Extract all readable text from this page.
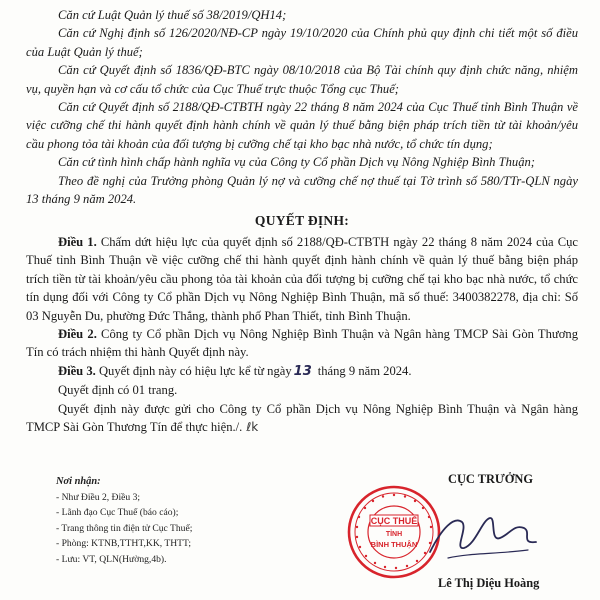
Căn cứ Luật Quản lý thuế số 38/2019/QH14;

Căn cứ Nghị định số 126/2020/NĐ-CP ngày 19/10/2020 của Chính phủ quy định chi tiết một số điều của Luật Quản lý thuế;

Căn cứ Quyết định số 1836/QĐ-BTC ngày 08/10/2018 của Bộ Tài chính quy định chức năng, nhiệm vụ, quyền hạn và cơ cấu tổ chức của Cục Thuế trực thuộc Tổng cục Thuế;

Căn cứ Quyết định số 2188/QĐ-CTBTH ngày 22 tháng 8 năm 2024 của Cục Thuế tỉnh Bình Thuận về việc cưỡng chế thi hành quyết định hành chính về quản lý thuế bằng biện pháp trích tiền từ tài khoản/yêu cầu phong tỏa tài khoản của đối tượng bị cưỡng chế tại kho bạc nhà nước, tổ chức tín dụng;

Căn cứ tình hình chấp hành nghĩa vụ của Công ty Cổ phần Dịch vụ Nông Nghiệp Bình Thuận;

Theo đề nghị của Trưởng phòng Quản lý nợ và cưỡng chế nợ thuế tại Tờ trình số 580/TTr-QLN ngày 13 tháng 9 năm 2024.

QUYẾT ĐỊNH:

Điều 1. Chấm dứt hiệu lực của quyết định số 2188/QĐ-CTBTH ngày 22 tháng 8 năm 2024 của Cục Thuế tỉnh Bình Thuận về việc cưỡng chế thi hành quyết định hành chính về quản lý thuế bằng biện pháp trích tiền từ tài khoản/yêu cầu phong tỏa tài khoản của đối tượng bị cưỡng chế tại kho bạc nhà nước, tổ chức tín dụng đối với Công ty Cổ phần Dịch vụ Nông Nghiệp Bình Thuận, mã số thuế: 3400382278, địa chỉ: Số 03 Nguyễn Du, phường Đức Thắng, thành phố Phan Thiết, tỉnh Bình Thuận.

Điều 2. Công ty Cổ phần Dịch vụ Nông Nghiệp Bình Thuận và Ngân hàng TMCP Sài Gòn Thương Tín có trách nhiệm thi hành Quyết định này.

Điều 3. Quyết định này có hiệu lực kể từ ngày 13 tháng 9 năm 2024.

Quyết định có 01 trang.

Quyết định này được gửi cho Công ty Cổ phần Dịch vụ Nông Nghiệp Bình Thuận và Ngân hàng TMCP Sài Gòn Thương Tín để thực hiện./. ℓk

Nơi nhận:
- Như Điều 2, Điều 3;
- Lãnh đạo Cục Thuế (báo cáo);
- Trang thông tin điện tử Cục Thuế;
- Phòng: KTNB,TTHT,KK, THTT;
- Lưu: VT, QLN(Hường,4b).
CỤC TRƯỞNG
CỤC THUẾ
TỈNH
BÌNH THUẬN
Lê Thị Diệu Hoàng
